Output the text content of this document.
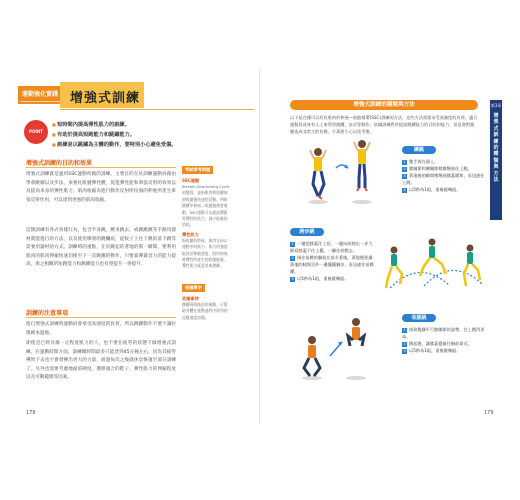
運動強化實踐 增強式訓練
POINT
■ 短時間內提高彈性肌力的訓練。
■ 有助於提高短跑能力和跳躍能力。
■ 訓練是以跳躍為主體的動作，要特別小心避免受傷。
增強式訓練的目的和效果
增強式訓練就是運用SSC運動所做的訓練。主要目的在於訓練運動員藉由學會跳躍以及步法，來強化肌腱彈性體，促進彈性能和牽張反射的效果以及提高本身的彈性肌力。肌肉收縮為進行動作反射所扮演的伸展所產生牽張反射作用，可以達到更強的肌肉收縮。
這類訓練有各式各樣行為，包含半身跳、跳來跳去、或跳跳跳等手跟用器材就能進行的方法，以及使用爆發的跳欄底，從較子上往下跳的落下跳等需要用器材的方式。訓練時的重點，在於跳起的著地的那一瞬間。要利用肌肉的肌肉伸縮快速切換至下一次跳躍的動作，只要靠彈簧容力的能力提高，與之相關的短跑能力和跳躍能力也有望提升一併提升。
訓練的注意事項
進行增強式訓練時運動員會承受高強度的負荷，所以跳躍動作不要不讓拉傷韌本過地。
即使是已經具備一定程度肌力的人，也不要在疲勞的狀態下做增強式訓練。在運動時間方面，訓練總時間最多只能達到45分鐘左右，因為其疲勞導致下去也不會發揮出更大的力量，組過每次之後就休息恢復至部分訓練了。另外也需要考慮地面的硬度，選擇適合的鞋子，彈性肌力的伸縮程度以及可動範圍等因素。
考試常考問題
SSC運動
Stretch-Shortening Cycle的簡寫。是指肌肉和肌腱伸展收縮後快速的活動。例如跳躍中伸展—收縮後便會運動，SSC運動可以提高彈簧等彈性的肌力，減少能量的消耗。
彈性肌力
指收縮的時候，肌肉在SSC運動中的肌力，肌力的強度取決於伸縮速度，肌肉伸展時彈性所產生的收縮能量，彈性肌力就是用來理解。
相關單字
收縮牽伸
跳躍導致後前的運動，可幫助身體在運動過程中肌肉的反應速度加強。
178
增強式訓練的種類與方法
以下是在種可以有負肌肉的伸展—收縮循環(SSC)訓練的方法，這些方法需要承受高強度的負荷，適合運動員或身有人士來學習跳躍，步法等動作。依據訓練對於提高跳躍能力的目的和能力，但是會對跟腱造成非常大的負擔，千萬要小心以免受傷。
第3章
增強式訓練的種類與方法
蹲跳
1 雙手放在頭上。
2 膝關節和腰關節稍微彎曲往上跳。
3 著地後的瞬間稍彎曲膝蓋緩和，再迅速往上跳。
4 以5秒為1組，重複做幾組。
跨步跳
1 一邊把膝蓋往上抬，一邊向前踏出一步大腿看膝蓋不往上擺，一腳往前跳去。
2 兩往前跳的腳就在前方著地，著地後要讓著地的腿與另外一邊擺擺腳步，再迅速往前跳躍。
3 以5秒為1組，重複做幾組。
收腿跳
1 採取雙腳平行膝關節的姿勢，往上跳得更高。
2 跳起後，讓膝蓋儘量往胸前靠近。
3 以5秒為1組，重複做幾組。
179
